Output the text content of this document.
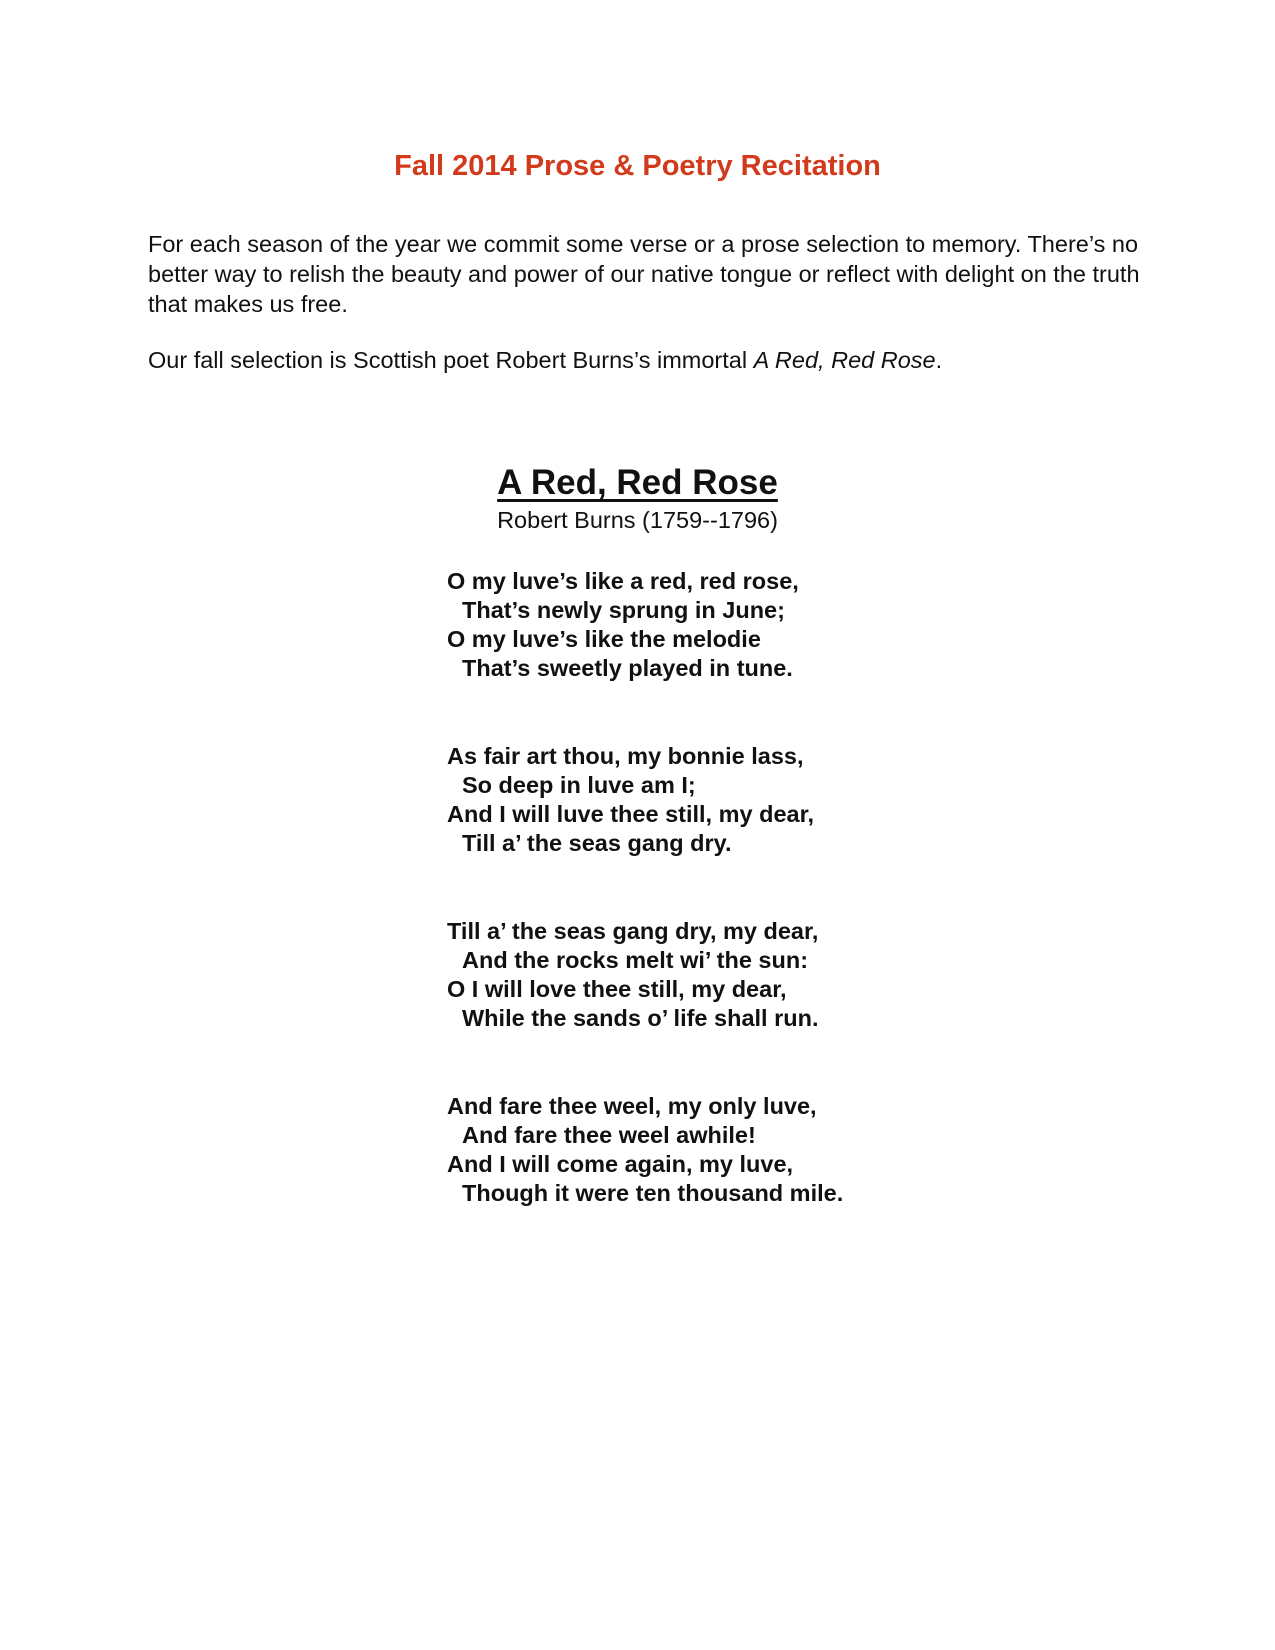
Fall 2014 Prose & Poetry Recitation

For each season of the year we commit some verse or a prose selection to memory. There’s no better way to relish the beauty and power of our native tongue or reflect with delight on the truth that makes us free.

Our fall selection is Scottish poet Robert Burns’s immortal A Red, Red Rose.

A Red, Red Rose

Robert Burns (1759--1796)

O my luve’s like a red, red rose,
That’s newly sprung in June;
O my luve’s like the melodie
That’s sweetly played in tune.
As fair art thou, my bonnie lass,
So deep in luve am I;
And I will luve thee still, my dear,
Till a’ the seas gang dry.
Till a’ the seas gang dry, my dear,
And the rocks melt wi’ the sun:
O I will love thee still, my dear,
While the sands o’ life shall run.
And fare thee weel, my only luve,
And fare thee weel awhile!
And I will come again, my luve,
Though it were ten thousand mile.
